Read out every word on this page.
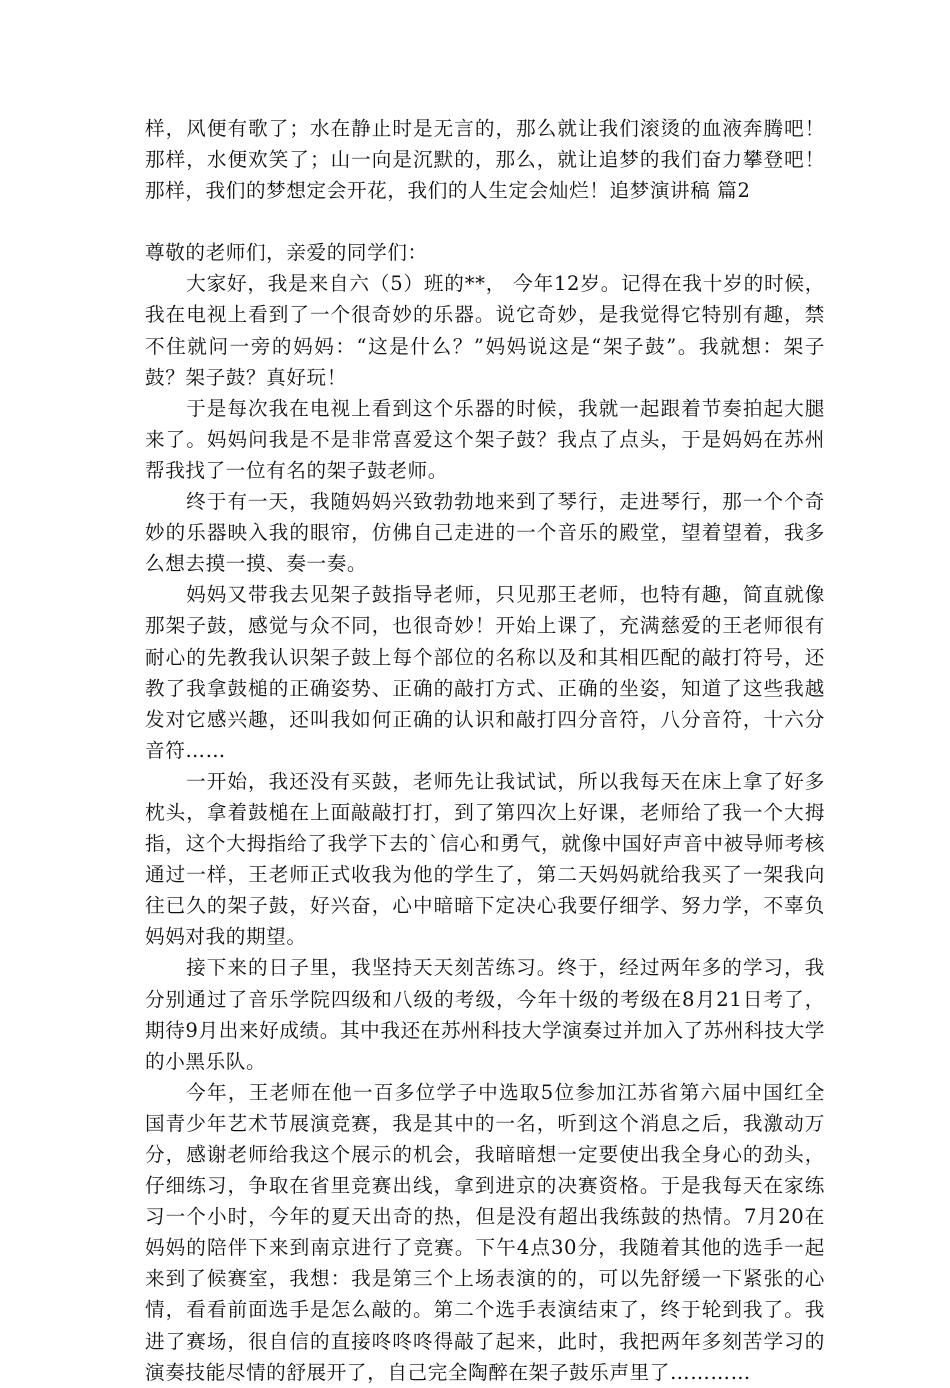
样，风便有歌了；水在静止时是无言的，那么就让我们滚烫的血液奔腾吧！那样，水便欢笑了；山一向是沉默的，那么，就让追梦的我们奋力攀登吧！那样，我们的梦想定会开花，我们的人生定会灿烂！追梦演讲稿 篇2

尊敬的老师们，亲爱的同学们：

大家好，我是来自六（5）班的**， 今年12岁。记得在我十岁的时候，我在电视上看到了一个很奇妙的乐器。说它奇妙，是我觉得它特别有趣，禁不住就问一旁的妈妈：“这是什么？”妈妈说这是“架子鼓”。我就想：架子鼓？架子鼓？真好玩！

于是每次我在电视上看到这个乐器的时候，我就一起跟着节奏拍起大腿来了。妈妈问我是不是非常喜爱这个架子鼓？我点了点头，于是妈妈在苏州帮我找了一位有名的架子鼓老师。

终于有一天，我随妈妈兴致勃勃地来到了琴行，走进琴行，那一个个奇妙的乐器映入我的眼帘，仿佛自己走进的一个音乐的殿堂，望着望着，我多么想去摸一摸、奏一奏。

妈妈又带我去见架子鼓指导老师，只见那王老师，也特有趣，简直就像那架子鼓，感觉与众不同，也很奇妙！开始上课了，充满慈爱的王老师很有耐心的先教我认识架子鼓上每个部位的名称以及和其相匹配的敲打符号，还教了我拿鼓槌的正确姿势、正确的敲打方式、正确的坐姿，知道了这些我越发对它感兴趣，还叫我如何正确的认识和敲打四分音符，八分音符，十六分音符……

一开始，我还没有买鼓，老师先让我试试，所以我每天在床上拿了好多枕头，拿着鼓槌在上面敲敲打打，到了第四次上好课，老师给了我一个大拇指，这个大拇指给了我学下去的`信心和勇气，就像中国好声音中被导师考核通过一样，王老师正式收我为他的学生了，第二天妈妈就给我买了一架我向往已久的架子鼓，好兴奋，心中暗暗下定决心我要仔细学、努力学，不辜负妈妈对我的期望。

接下来的日子里，我坚持天天刻苦练习。终于，经过两年多的学习，我分别通过了音乐学院四级和八级的考级，今年十级的考级在8月21日考了，期待9月出来好成绩。其中我还在苏州科技大学演奏过并加入了苏州科技大学的小黑乐队。

今年，王老师在他一百多位学子中选取5位参加江苏省第六届中国红全国青少年艺术节展演竞赛，我是其中的一名，听到这个消息之后，我激动万分，感谢老师给我这个展示的机会，我暗暗想一定要使出我全身心的劲头，仔细练习，争取在省里竞赛出线，拿到进京的决赛资格。于是我每天在家练习一个小时，今年的夏天出奇的热，但是没有超出我练鼓的热情。7月20在妈妈的陪伴下来到南京进行了竞赛。下午4点30分，我随着其他的选手一起来到了候赛室，我想：我是第三个上场表演的的，可以先舒缓一下紧张的心情，看看前面选手是怎么敲的。第二个选手表演结束了，终于轮到我了。我进了赛场，很自信的直接咚咚咚得敲了起来，此时，我把两年多刻苦学习的演奏技能尽情的舒展开了，自己完全陶醉在架子鼓乐声里了…………
